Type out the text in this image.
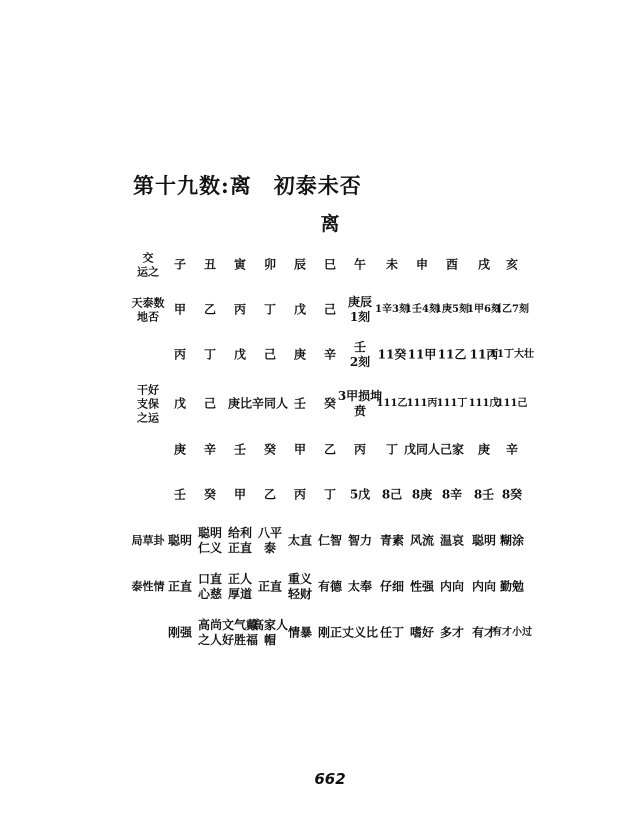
第十九数:离　初泰未否
离
交
运之 子 丑 寅 卯 辰 巳 午 未 申 酉 戌 亥
天泰数
地否	甲 乙 丙 丁 戊 己
庚辰
1刻
1辛3刻
1壬4刻
1庚5刻
1甲6刻
1乙7刻
丙 丁 戊 己 庚 辛
壬
2刻
11癸 11甲 11乙 11丙
11丁大壮
干好
支保
之运
戊 己 庚比 辛同人 壬 癸
3甲损坤
贲
111乙 111丙 111丁 111戊
111己
庚 辛 壬 癸 甲 乙 丙 丁 戊同人 己家 庚 辛
壬 癸 甲 乙 丙 丁 5戊 8己 8庚 8辛 8壬 8癸
局草卦 聪明
聪明
仁义
给利
正直
八平
泰
太直 仁智 智力 青素 风流 温哀 聪明 糊涂
泰性情 正直
口直
心慈
正人
厚道
正直
重义
轻财
有德 太奉 仔细 性强 内向 内向 勤勉
刚强
高尚
之人
文气戴
好胜福
高家人
帽
情暴 刚正 丈义比 任丁 嗜好 多才 有才
有才小过
662
